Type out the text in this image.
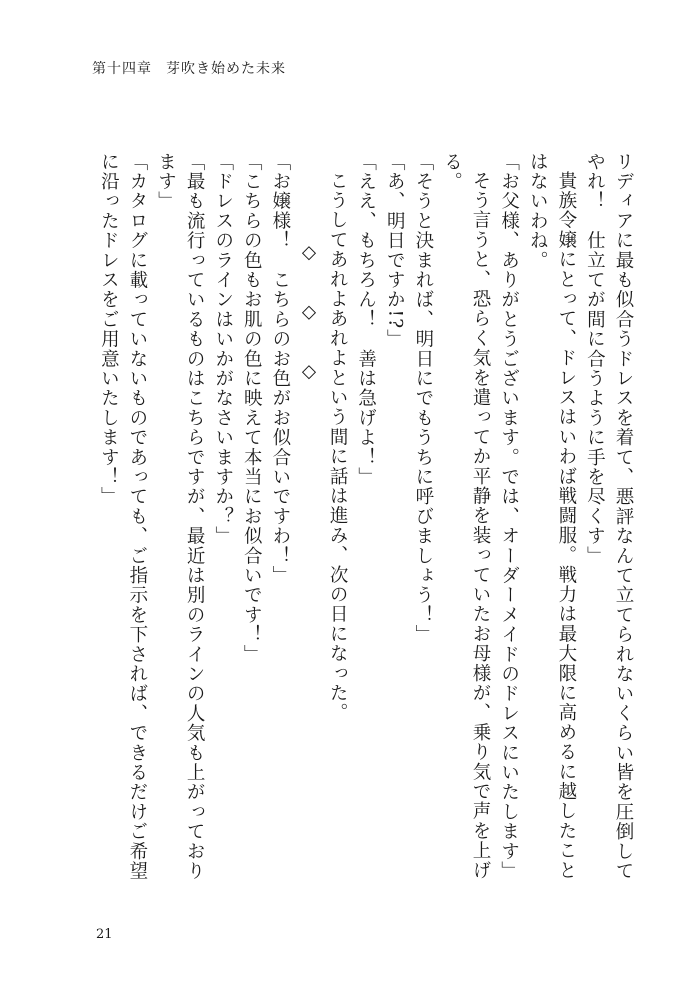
第十四章 芽吹き始めた未来

リディアに最も似合うドレスを着て、悪評なんて立てられないくらい皆を圧倒してやれ！　仕立てが間に合うように手を尽くす」

貴族令嬢にとって、ドレスはいわば戦闘服。戦力は最大限に高めるに越したことはないわね。

「お父様、ありがとうございます。では、オーダーメイドのドレスにいたします」

そう言うと、恐らく気を遣ってか平静を装っていたお母様が、乗り気で声を上げる。

「そうと決まれば、明日にでもうちに呼びましょう！」

「あ、明日ですか!?」

「ええ、もちろん！　善は急げよ！」

こうしてあれよあれよという間に話は進み、次の日になった。

◇　◇　◇

「お嬢様！　こちらのお色がお似合いですわ！」

「こちらの色もお肌の色に映えて本当にお似合いです！」

「ドレスのラインはいかがなさいますか？」

「最も流行っているものはこちらですが、最近は別のラインの人気も上がっております」

「カタログに載っていないものであっても、ご指示を下されば、できるだけご希望に沿ったドレスをご用意いたします！」

21
